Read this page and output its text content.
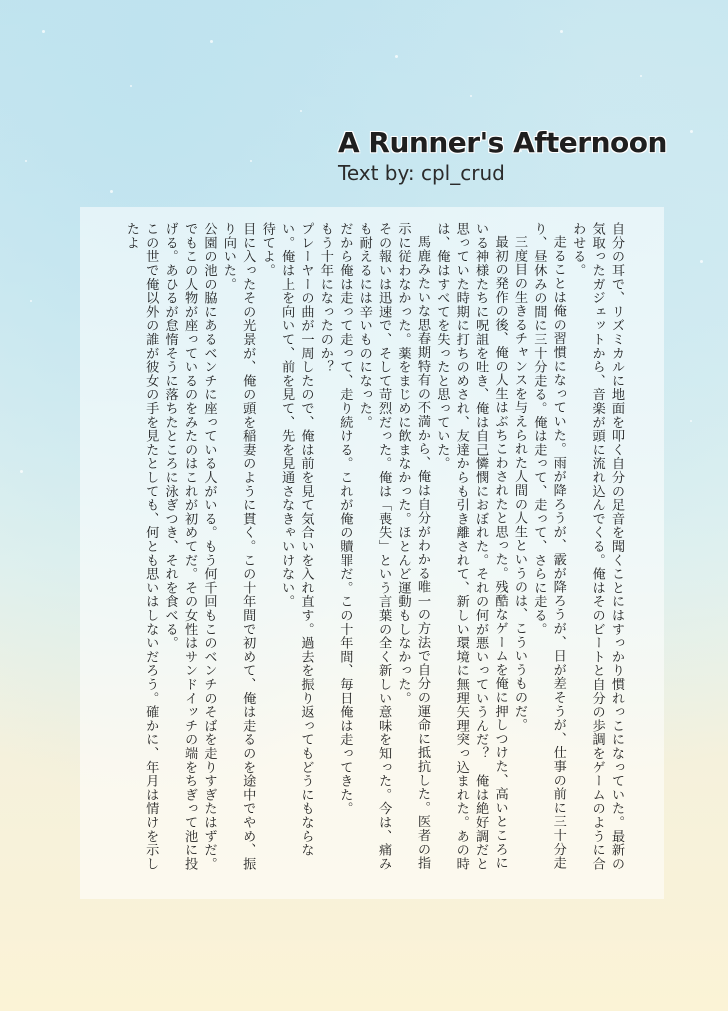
A Runner's Afternoon
Text by: cpl_crud

自分の耳で、リズミカルに地面を叩く自分の足音を聞くことにはすっかり慣れっこになっていた。最新の気取ったガジェットから、音楽が頭に流れ込んでくる。俺はそのビートと自分の歩調をゲームのように合わせる。

走ることは俺の習慣になっていた。雨が降ろうが、霰が降ろうが、日が差そうが、仕事の前に三十分走り、昼休みの間に三十分走る。俺は走って、走って、さらに走る。

三度目の生きるチャンスを与えられた人間の人生というのは、こういうものだ。

最初の発作の後、俺の人生はぶちこわされたと思った。残酷なゲームを俺に押しつけた、高いところにいる神様たちに呪詛を吐き、俺は自己憐憫におぼれた。それの何が悪いっていうんだ？　俺は絶好調だと思っていた時期に打ちのめされ、友達からも引き離されて、新しい環境に無理矢理突っ込まれた。あの時は、俺はすべてを失ったと思っていた。

馬鹿みたいな思春期特有の不満から、俺は自分がわかる唯一の方法で自分の運命に抵抗した。医者の指示に従わなかった。薬をまじめに飲まなかった。ほとんど運動もしなかった。

その報いは迅速で、そして苛烈だった。俺は「喪失」という言葉の全く新しい意味を知った。今は、痛みも耐えるには辛いものになった。

だから俺は走って走って、走り続ける。これが俺の贖罪だ。この十年間、毎日俺は走ってきた。

もう十年になったのか？

プレーヤーの曲が一周したので、俺は前を見て気合いを入れ直す。過去を振り返ってもどうにもならない。俺は上を向いて、前を見て、先を見通さなきゃいけない。

待てよ。

目に入ったその光景が、俺の頭を稲妻のように貫く。この十年間で初めて、俺は走るのを途中でやめ、振り向いた。

公園の池の脇にあるベンチに座っている人がいる。もう何千回もこのベンチのそばを走りすぎたはずだ。でもこの人物が座っているのをみたのはこれが初めてだ。その女性はサンドイッチの端をちぎって池に投げる。あひるが怠惰そうに落ちたところに泳ぎつき、それを食べる。

この世で俺以外の誰が彼女の手を見たとしても、何とも思いはしないだろう。確かに、年月は情けを示したよ
